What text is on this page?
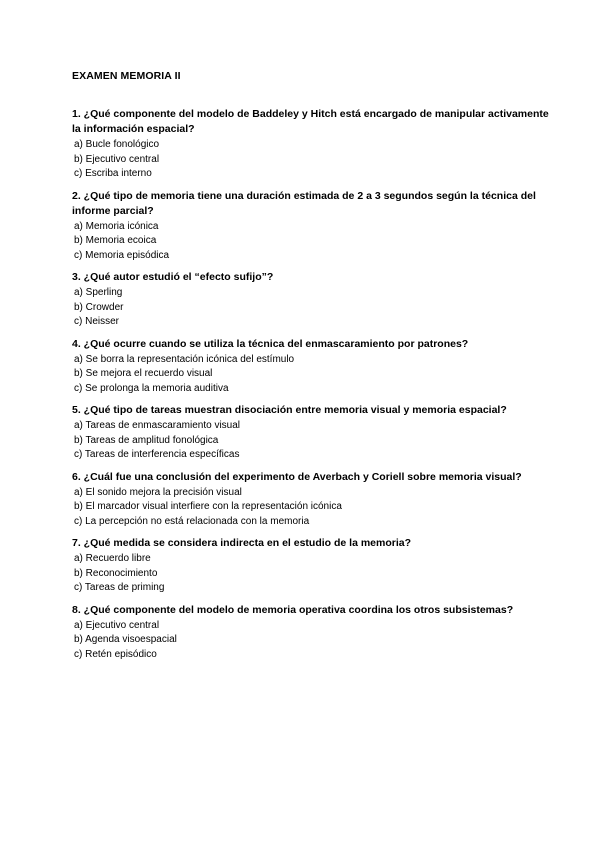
EXAMEN MEMORIA II
1. ¿Qué componente del modelo de Baddeley y Hitch está encargado de manipular activamente la información espacial?
a) Bucle fonológico
b) Ejecutivo central
c) Escriba interno
2. ¿Qué tipo de memoria tiene una duración estimada de 2 a 3 segundos según la técnica del informe parcial?
a) Memoria icónica
b) Memoria ecoica
c) Memoria episódica
3. ¿Qué autor estudió el “efecto sufijo”?
a) Sperling
b) Crowder
c) Neisser
4. ¿Qué ocurre cuando se utiliza la técnica del enmascaramiento por patrones?
a) Se borra la representación icónica del estímulo
b) Se mejora el recuerdo visual
c) Se prolonga la memoria auditiva
5. ¿Qué tipo de tareas muestran disociación entre memoria visual y memoria espacial?
a) Tareas de enmascaramiento visual
b) Tareas de amplitud fonológica
c) Tareas de interferencia específicas
6. ¿Cuál fue una conclusión del experimento de Averbach y Coriell sobre memoria visual?
a) El sonido mejora la precisión visual
b) El marcador visual interfiere con la representación icónica
c) La percepción no está relacionada con la memoria
7. ¿Qué medida se considera indirecta en el estudio de la memoria?
a) Recuerdo libre
b) Reconocimiento
c) Tareas de priming
8. ¿Qué componente del modelo de memoria operativa coordina los otros subsistemas?
a) Ejecutivo central
b) Agenda visoespacial
c) Retén episódico
